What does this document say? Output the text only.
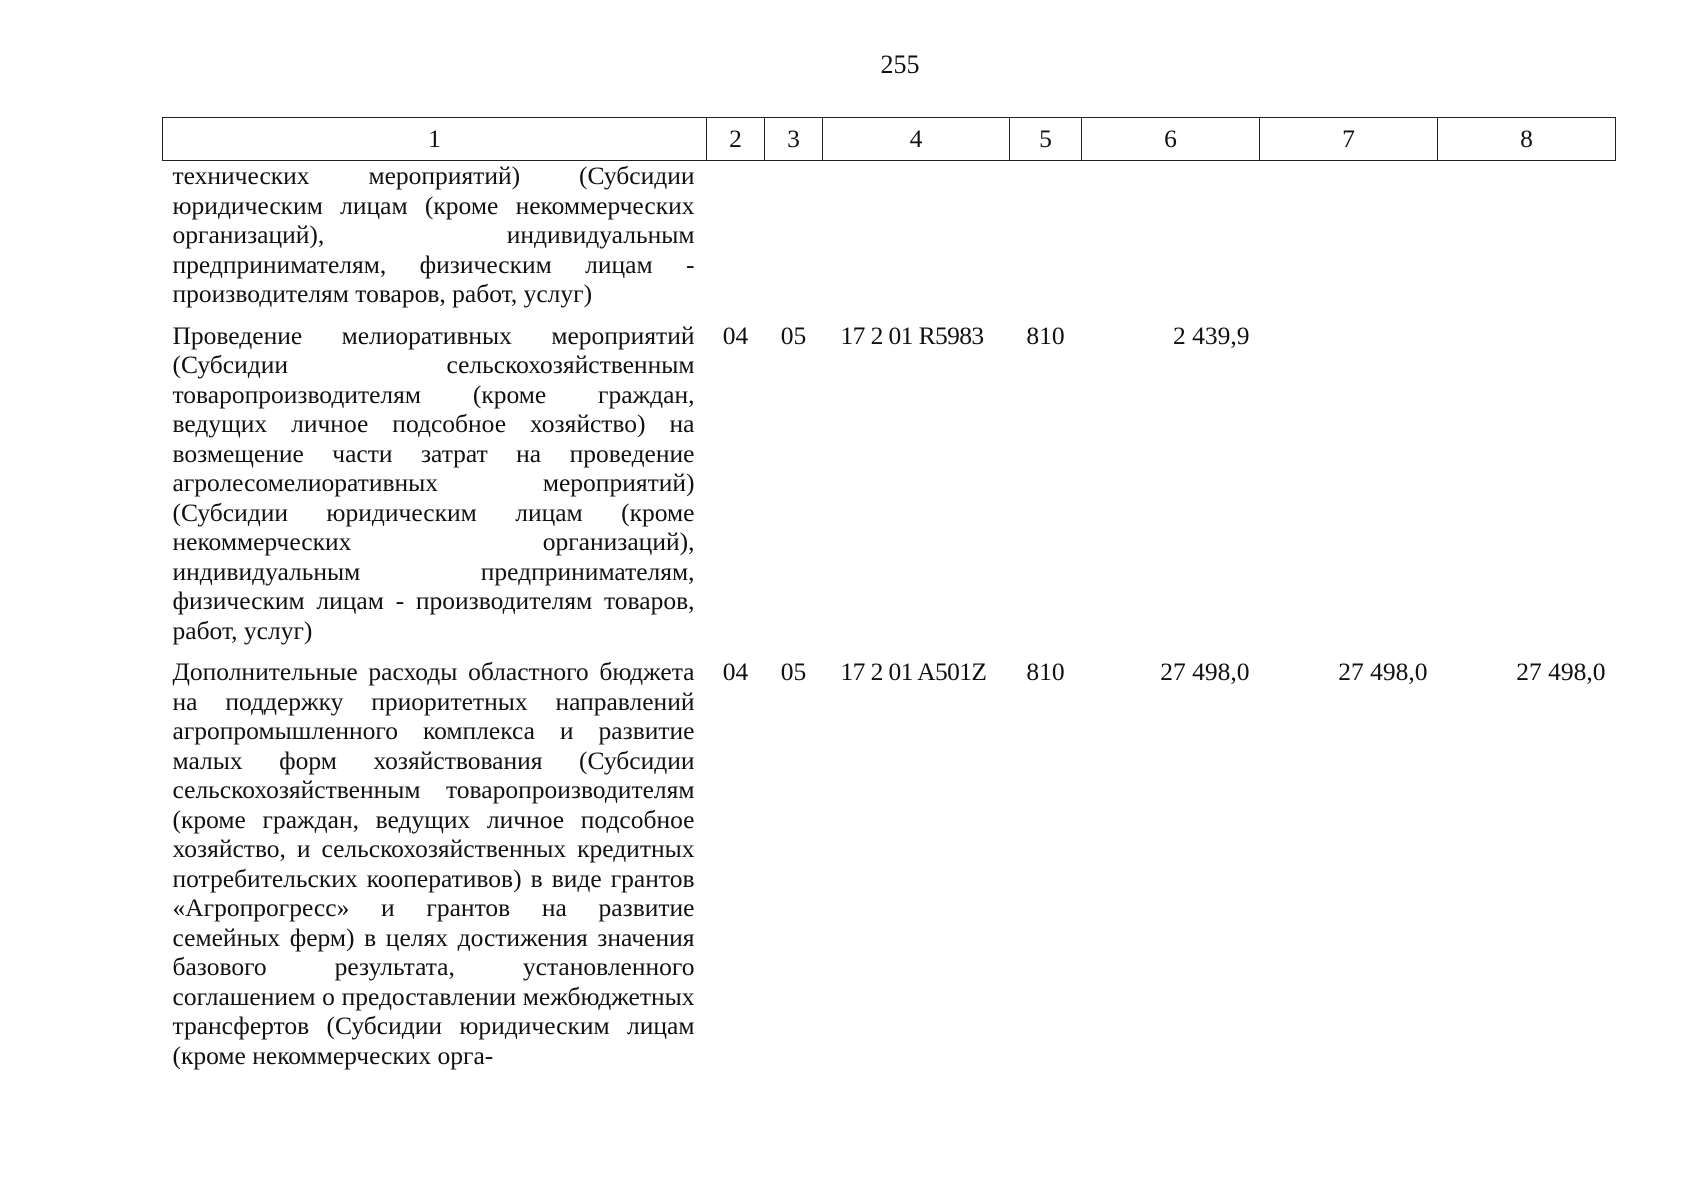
255
1	2	3	4	5	6	7	8
технических мероприятий) (Субсидии юридическим лицам (кроме некоммерческих организаций), индивидуальным предпринимателям, физическим лицам - производителям товаров, работ, услуг)							
Проведение мелиоративных мероприятий (Субсидии сельскохозяйственным товаропроизводителям (кроме граждан, ведущих личное подсобное хозяйство) на возмещение части затрат на проведение агролесомелиоративных мероприятий) (Субсидии юридическим лицам (кроме некоммерческих организаций), индивидуальным предпринимателям, физическим лицам - производителям товаров, работ, услуг)	04	05	17 2 01 R5983	810	2 439,9		
Дополнительные расходы областного бюджета на поддержку приоритетных направлений агропромышленного комплекса и развитие малых форм хозяйствования (Субсидии сельскохозяйственным товаропроизводителям (кроме граждан, ведущих личное подсобное хозяйство, и сельскохозяйственных кредитных потребительских кооперативов) в виде грантов «Агропрогресс» и грантов на развитие семейных ферм) в целях достижения значения базового результата, установленного соглашением о предоставлении межбюджетных трансфертов (Субсидии юридическим лицам (кроме некоммерческих орга-	04	05	17 2 01 A501Z	810	27 498,0	27 498,0	27 498,0
